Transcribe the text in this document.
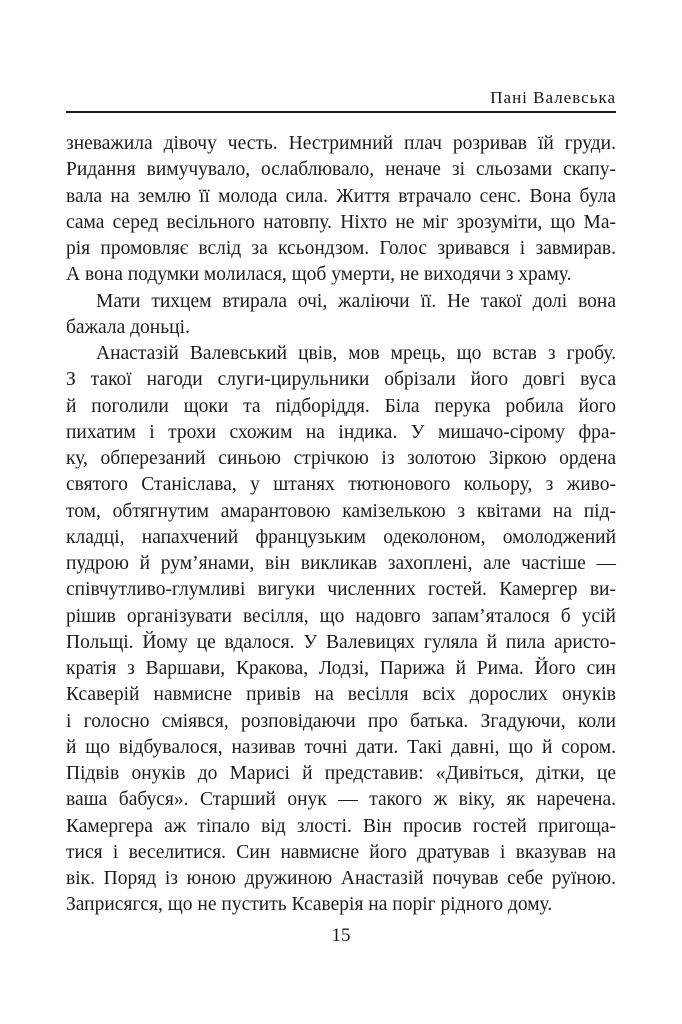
Пані Валевська
зневажила дівочу честь. Нестримний плач розривав їй груди.
Ридання вимучувало, ослаблювало, неначе зі сльозами скапу-
вала на землю її молода сила. Життя втрачало сенс. Вона була
сама серед весільного натовпу. Ніхто не міг зрозуміти, що Ма-
рія промовляє вслід за ксьондзом. Голос зривався і завмирав.
А вона подумки молилася, щоб умерти, не виходячи з храму.
Мати тихцем втирала очі, жаліючи її. Не такої долі вона
бажала доньці.
Анастазій Валевський цвів, мов мрець, що встав з гробу.
З такої нагоди слуги-цирульники обрізали його довгі вуса
й поголили щоки та підборіддя. Біла перука робила його
пихатим і трохи схожим на індика. У мишачо-сірому фра-
ку, обперезаний синьою стрічкою із золотою Зіркою ордена
святого Станіслава, у штанях тютюнового кольору, з живо-
том, обтягнутим амарантовою камізелькою з квітами на під-
кладці, напахчений французьким одеколоном, омолоджений
пудрою й рум’янами, він викликав захоплені, але частіше —
співчутливо-глумливі вигуки численних гостей. Камергер ви-
рішив організувати весілля, що надовго запам’яталося б усій
Польщі. Йому це вдалося. У Валевицях гуляла й пила аристо-
кратія з Варшави, Кракова, Лодзі, Парижа й Рима. Його син
Ксаверій навмисне привів на весілля всіх дорослих онуків
і голосно сміявся, розповідаючи про батька. Згадуючи, коли
й що відбувалося, називав точні дати. Такі давні, що й сором.
Підвів онуків до Марисі й представив: «Дивіться, дітки, це
ваша бабуся». Старший онук — такого ж віку, як наречена.
Камергера аж тіпало від злості. Він просив гостей пригоща-
тися і веселитися. Син навмисне його дратував і вказував на
вік. Поряд із юною дружиною Анастазій почував себе руїною.
Заприсягся, що не пустить Ксаверія на поріг рідного дому.
15
